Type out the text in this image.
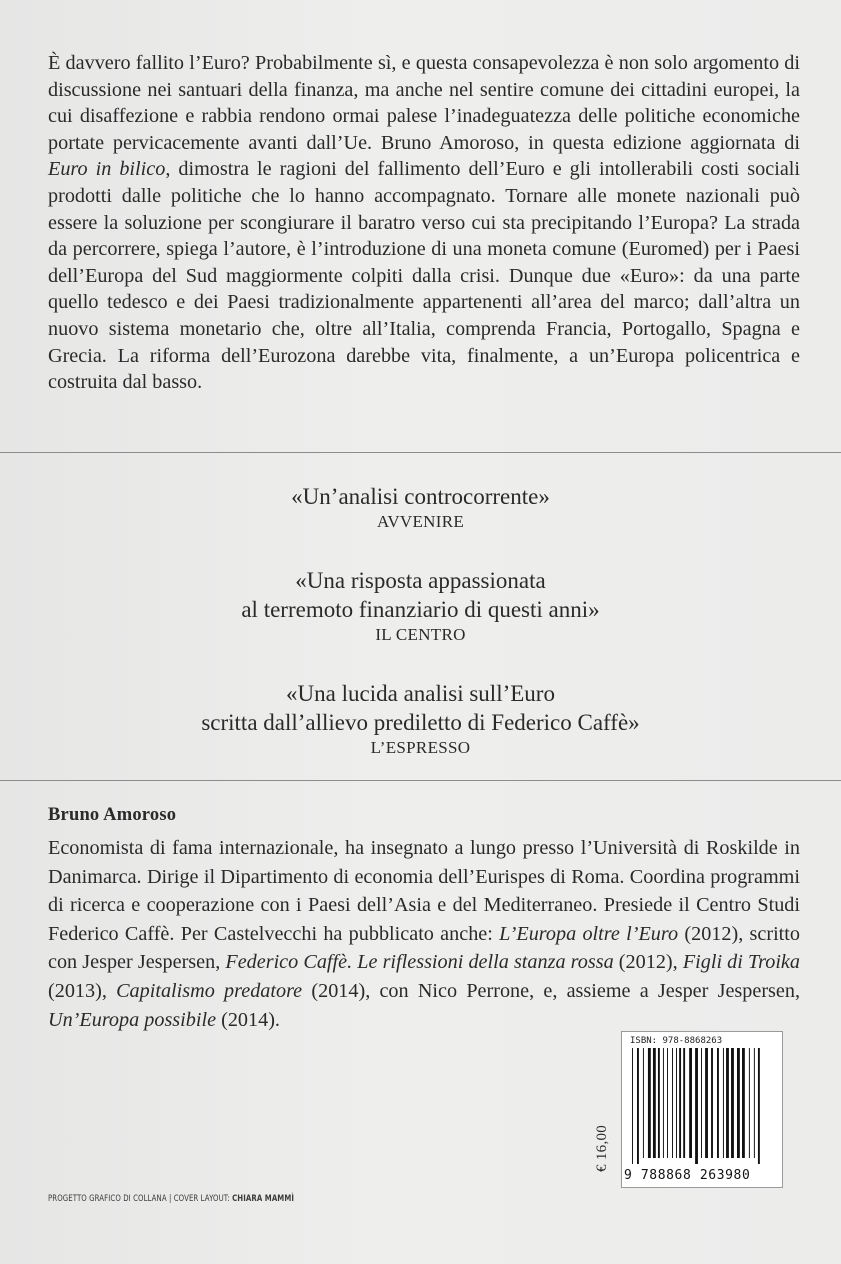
È davvero fallito l’Euro? Probabilmente sì, e questa consapevolezza è non solo argomento di discussione nei santuari della finanza, ma anche nel sentire comune dei cittadini europei, la cui disaffezione e rabbia rendono ormai palese l’inadeguatezza delle politiche economiche portate pervicacemente avanti dall’Ue. Bruno Amoroso, in questa edizione aggiornata di Euro in bilico, dimostra le ragioni del fallimento dell’Euro e gli intollerabili costi sociali prodotti dalle politiche che lo hanno accompagnato. Tornare alle monete nazionali può essere la soluzione per scongiurare il baratro verso cui sta precipitando l’Europa? La strada da percorrere, spiega l’autore, è l’introduzione di una moneta comune (Euromed) per i Paesi dell’Europa del Sud maggiormente colpiti dalla crisi. Dunque due «Euro»: da una parte quello tedesco e dei Paesi tradizionalmente appartenenti all’area del marco; dall’altra un nuovo sistema monetario che, oltre all’Italia, comprenda Francia, Portogallo, Spagna e Grecia. La riforma dell’Eurozona darebbe vita, finalmente, a un’Europa policentrica e costruita dal basso.

«Un’analisi controcorrente»
AVVENIRE
«Una risposta appassionata
al terremoto finanziario di questi anni»
IL CENTRO
«Una lucida analisi sull’Euro
scritta dall’allievo prediletto di Federico Caffè»
L’ESPRESSO
Bruno Amoroso
Economista di fama internazionale, ha insegnato a lungo presso l’Università di Roskilde in Danimarca. Dirige il Dipartimento di economia dell’Eurispes di Roma. Coordina programmi di ricerca e cooperazione con i Paesi dell’Asia e del Mediterraneo. Presiede il Centro Studi Federico Caffè. Per Castelvecchi ha pubblicato anche: L’Europa oltre l’Euro (2012), scritto con Jesper Jespersen, Federico Caffè. Le riflessioni della stanza rossa (2012), Figli di Troika (2013), Capitalismo predatore (2014), con Nico Perrone, e, assieme a Jesper Jespersen, Un’Europa possibile (2014).
PROGETTO GRAFICO DI COLLANA | COVER LAYOUT: CHIARA MAMMÌ
€ 16,00
ISBN: 978-8868263
9 788868 263980
